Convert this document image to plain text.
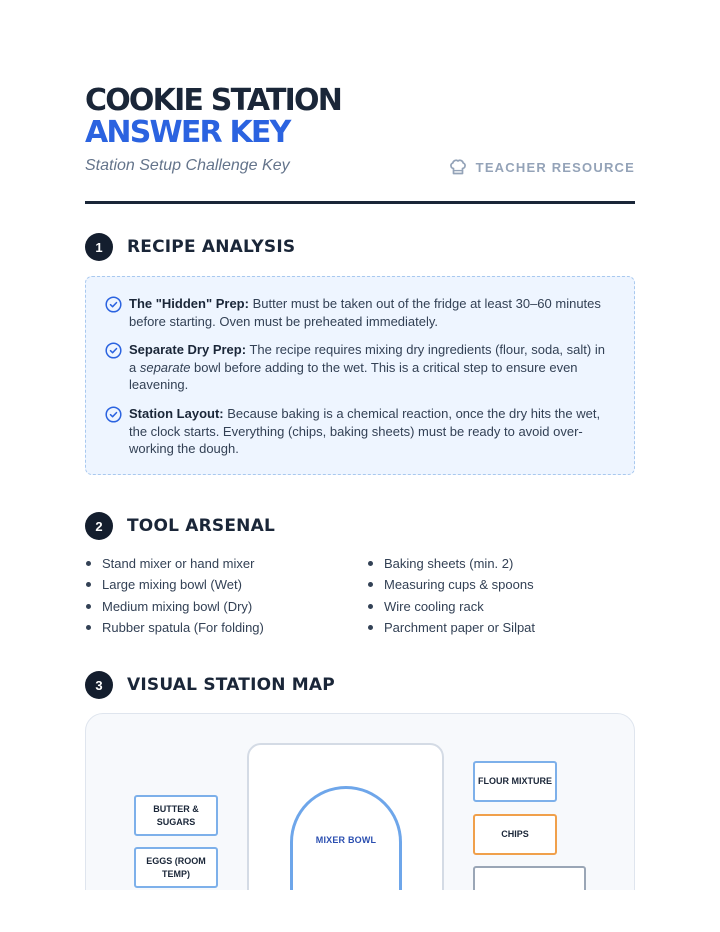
COOKIE STATION
ANSWER KEY
Station Setup Challenge Key	TEACHER RESOURCE
1	RECIPE ANALYSIS

The "Hidden" Prep: Butter must be taken out of the fridge at least 30–60 minutes before starting. Oven must be preheated immediately.

Separate Dry Prep: The recipe requires mixing dry ingredients (flour, soda, salt) in a separate bowl before adding to the wet. This is a critical step to ensure even leavening.

Station Layout: Because baking is a chemical reaction, once the dry hits the wet, the clock starts. Everything (chips, baking sheets) must be ready to avoid over-working the dough.

2	TOOL ARSENAL
Stand mixer or hand mixer
Large mixing bowl (Wet)
Medium mixing bowl (Dry)
Rubber spatula (For folding)
Baking sheets (min. 2)
Measuring cups & spoons
Wire cooling rack
Parchment paper or Silpat
3	VISUAL STATION MAP
MIXER BOWL
BUTTER & SUGARS
EGGS (ROOM TEMP)
FLOUR MIXTURE
CHIPS
